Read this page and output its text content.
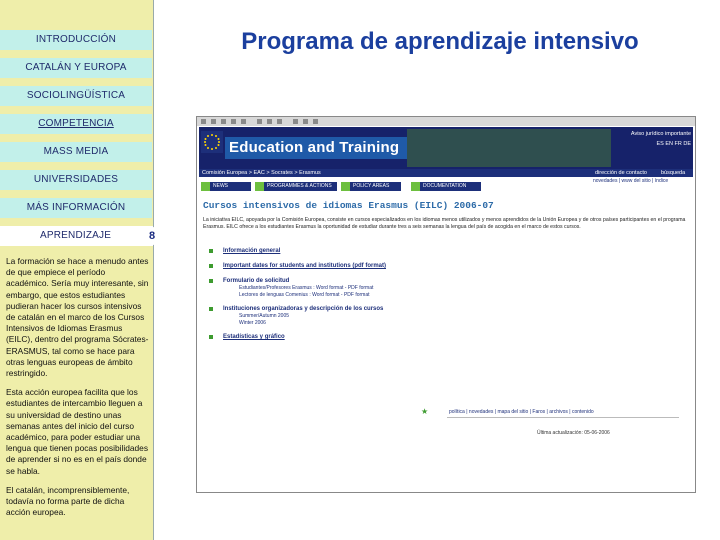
INTRODUCCIÓN
CATALÁN Y EUROPA
SOCIOLINGÜÍSTICA
COMPETENCIA
MASS MEDIA
UNIVERSIDADES
MÁS INFORMACIÓN
APRENDIZAJE

La formación se hace a menudo antes de que empiece el período académico. Sería muy interesante, sin embargo, que estos estudiantes pudieran hacer los cursos intensivos de catalán en el marco de los Cursos Intensivos de Idiomas Erasmus (EILC), dentro del programa Sócrates-ERASMUS, tal como se hace para otras lenguas europeas de ámbito restringido.

Esta acción europea facilita que los estudiantes de intercambio lleguen a su universidad de destino unas semanas antes del inicio del curso académico, para poder estudiar una lengua que tienen pocas posibilidades de aprender si no es en el país donde se habla.

El catalán, incomprensiblemente, todavía no forma parte de dicha acción europea.

8
Programa de aprendizaje intensivo
Education and Training
Aviso jurídico importante
ES EN FR DE
Comisión Europea > EAC > Socrates > Erasmus	dirección de contacto	búsqueda
novedades | www del sitio | índice
NEWS	PROGRAMMES & ACTIONS	POLICY AREAS	DOCUMENTATION
Cursos intensivos de idiomas Erasmus (EILC) 2006-07
La iniciativa EILC, apoyada por la Comisión Europea, consiste en cursos especializados en los idiomas menos utilizados y menos aprendidos de la Unión Europea y de otros países participantes en el programa Erasmus. EILC ofrece a los estudiantes Erasmus la oportunidad de estudiar durante tres a seis semanas la lengua del país de acogida en el marco de estos cursos.
Información general
Important dates for students and institutions (pdf format)
Formulario de solicitud
Estudiantes/Profesores Erasmus : Word format - PDF format
Lectores de lenguas Comenius : Word format - PDF format
Instituciones organizadoras y descripción de los cursos
Summer/Autumn 2005
Winter 2006
Estadísticas y gráfico
★	política | novedades | mapa del sitio | Faros | archivos | contenido
Última actualización: 05-06-2006
